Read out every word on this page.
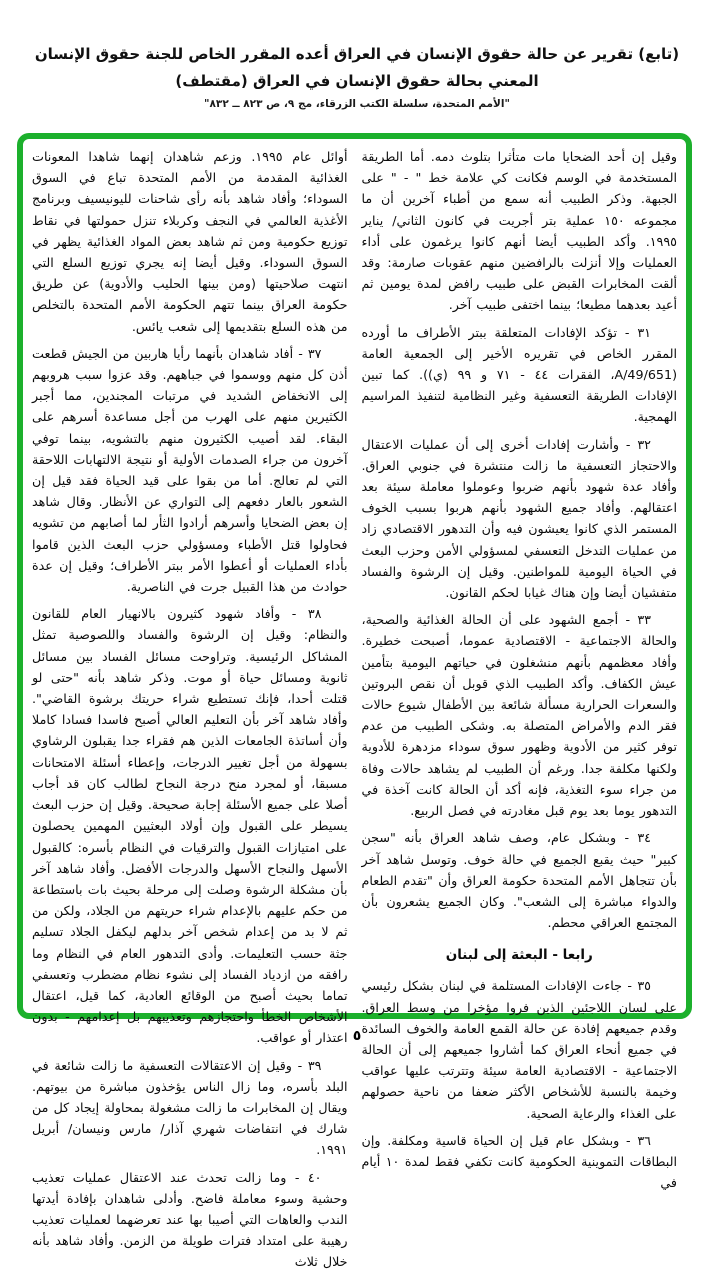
(تابع) تقرير عن حالة حقوق الإنسان في العراق أعده المقرر الخاص للجنة حقوق الإنسان
المعني بحالة حقوق الإنسان في العراق (مقتطف)
"الأمم المتحدة، سلسلة الكتب الزرقاء، مج ٩، ص ٨٢٣ ــ ٨٣٢"

وقيل إن أحد الضحايا مات متأثرا بتلوث دمه. أما الطريقة المستخدمة في الوسم فكانت كي علامة خط " - " على الجبهة. وذكر الطبيب أنه سمع من أطباء آخرين أن ما مجموعه ١٥٠ عملية بتر أجريت في كانون الثاني/ يناير ١٩٩٥. وأكد الطبيب أيضا أنهم كانوا يرغمون على أداء العمليات وإلا أنزلت بالرافضين منهم عقوبات صارمة: وقد ألقت المخابرات القبض على طبيب رافض لمدة يومين ثم أعيد بعدهما مطيعا؛ بينما اختفى طبيب آخر.

٣١ - تؤكد الإفادات المتعلقة ببتر الأطراف ما أورده المقرر الخاص في تقريره الأخير إلى الجمعية العامة (A/49/651، الفقرات ٤٤ - ٧١ و ٩٩ (ي)). كما تبين الإفادات الطريقة التعسفية وغير النظامية لتنفيذ المراسيم الهمجية.

٣٢ - وأشارت إفادات أخرى إلى أن عمليات الاعتقال والاحتجاز التعسفية ما زالت منتشرة في جنوبي العراق. وأفاد عدة شهود بأنهم ضربوا وعوملوا معاملة سيئة بعد اعتقالهم. وأفاد جميع الشهود بأنهم هربوا بسبب الخوف المستمر الذي كانوا يعيشون فيه وأن التدهور الاقتصادي زاد من عمليات التدخل التعسفي لمسؤولي الأمن وحزب البعث في الحياة اليومية للمواطنين. وقيل إن الرشوة والفساد متفشيان أيضا وإن هناك غيابا لحكم القانون.

٣٣ - أجمع الشهود على أن الحالة الغذائية والصحية، والحالة الاجتماعية - الاقتصادية عموما، أصبحت خطيرة. وأفاد معظمهم بأنهم منشغلون في حياتهم اليومية بتأمين عيش الكفاف. وأكد الطبيب الذي قوبل أن نقص البروتين والسعرات الحرارية مسألة شائعة بين الأطفال شيوع حالات فقر الدم والأمراض المتصلة به. وشكى الطبيب من عدم توفر كثير من الأدوية وظهور سوق سوداء مزدهرة للأدوية ولكنها مكلفة جدا. ورغم أن الطبيب لم يشاهد حالات وفاة من جراء سوء التغذية، فإنه أكد أن الحالة كانت آخذة في التدهور يوما بعد يوم قبل مغادرته في فصل الربيع.

٣٤ - وبشكل عام، وصف شاهد العراق بأنه "سجن كبير" حيث يقبع الجميع في حالة خوف. وتوسل شاهد آخر بأن تتجاهل الأمم المتحدة حكومة العراق وأن "تقدم الطعام والدواء مباشرة إلى الشعب". وكان الجميع يشعرون بأن المجتمع العراقي محطم.

رابعا - البعثة إلى لبنان

٣٥ - جاءت الإفادات المستلمة في لبنان بشكل رئيسي على لسان اللاجئين الذين فروا مؤخرا من وسط العراق. وقدم جميعهم إفادة عن حالة القمع العامة والخوف السائدة في جميع أنحاء العراق كما أشاروا جميعهم إلى أن الحالة الاجتماعية - الاقتصادية العامة سيئة وتترتب عليها عواقب وخيمة بالنسبة للأشخاص الأكثر ضعفا من ناحية حصولهم على الغذاء والرعاية الصحية.

٣٦ - وبشكل عام قيل إن الحياة قاسية ومكلفة. وإن البطاقات التموينية الحكومية كانت تكفي فقط لمدة ١٠ أيام في

أوائل عام ١٩٩٥. وزعم شاهدان إنهما شاهدا المعونات الغذائية المقدمة من الأمم المتحدة تباع في السوق السوداء؛ وأفاد شاهد بأنه رأى شاحنات لليونيسيف وبرنامج الأغذية العالمي في النجف وكربلاء تنزل حمولتها في نقاط توزيع حكومية ومن ثم شاهد بعض المواد الغذائية يظهر في السوق السوداء. وقيل أيضا إنه يجري توزيع السلع التي انتهت صلاحيتها (ومن بينها الحليب والأدوية) عن طريق حكومة العراق بينما تتهم الحكومة الأمم المتحدة بالتخلص من هذه السلع بتقديمها إلى شعب يائس.

٣٧ - أفاد شاهدان بأنهما رأيا هاربين من الجيش قطعت أذن كل منهم ووسموا في جباههم. وقد عزوا سبب هروبهم إلى الانخفاض الشديد في مرتبات المجندين، مما أجبر الكثيرين منهم على الهرب من أجل مساعدة أسرهم على البقاء. لقد أصيب الكثيرون منهم بالتشويه، بينما توفي آخرون من جراء الصدمات الأولية أو نتيجة الالتهابات اللاحقة التي لم تعالج. أما من بقوا على قيد الحياة فقد قيل إن الشعور بالعار دفعهم إلى التواري عن الأنظار. وقال شاهد إن بعض الضحايا وأسرهم أرادوا الثأر لما أصابهم من تشويه فحاولوا قتل الأطباء ومسؤولي حزب البعث الذين قاموا بأداء العمليات أو أعطوا الأمر ببتر الأطراف؛ وقيل إن عدة حوادث من هذا القبيل جرت في الناصرية.

٣٨ - وأفاد شهود كثيرون بالانهيار العام للقانون والنظام: وقيل إن الرشوة والفساد واللصوصية تمثل المشاكل الرئيسية. وتراوحت مسائل الفساد بين مسائل ثانوية ومسائل حياة أو موت. وذكر شاهد بأنه "حتى لو قتلت أحدا، فإنك تستطيع شراء حريتك برشوة القاضي". وأفاد شاهد آخر بأن التعليم العالي أصبح فاسدا فسادا كاملا وأن أساتذة الجامعات الذين هم فقراء جدا يقبلون الرشاوي بسهولة من أجل تغيير الدرجات، وإعطاء أسئلة الامتحانات مسبقا، أو لمجرد منح درجة النجاح لطالب كان قد أجاب أصلا على جميع الأسئلة إجابة صحيحة. وقيل إن حزب البعث يسيطر على القبول وإن أولاد البعثيين المهمين يحصلون على امتيازات القبول والترقيات في النظام بأسره: كالقبول الأسهل والنجاح الأسهل والدرجات الأفضل. وأفاد شاهد آخر بأن مشكلة الرشوة وصلت إلى مرحلة بحيث بات باستطاعة من حكم عليهم بالإعدام شراء حريتهم من الجلاد، ولكن من ثم لا بد من إعدام شخص آخر بدلهم ليكفل الجلاد تسليم جثة حسب التعليمات. وأدى التدهور العام في النظام وما رافقه من ازدياد الفساد إلى نشوء نظام مضطرب وتعسفي تماما بحيث أصبح من الوقائع العادية، كما قيل، اعتقال الأشخاص الخطأ واحتجازهم وتعذيبهم بل إعدامهم - بدون اعتذار أو عواقب.

٣٩ - وقيل إن الاعتقالات التعسفية ما زالت شائعة في البلد بأسره، وما زال الناس يؤخذون مباشرة من بيوتهم. ويقال إن المخابرات ما زالت مشغولة بمحاولة إيجاد كل من شارك في انتفاضات شهري آذار/ مارس ونيسان/ أبريل ١٩٩١.

٤٠ - وما زالت تحدث عند الاعتقال عمليات تعذيب وحشية وسوء معاملة فاضح. وأدلى شاهدان بإفادة أيدتها الندب والعاهات التي أصيبا بها عند تعرضهما لعمليات تعذيب رهيبة على امتداد فترات طويلة من الزمن. وأفاد شاهد بأنه خلال ثلاث

٥
